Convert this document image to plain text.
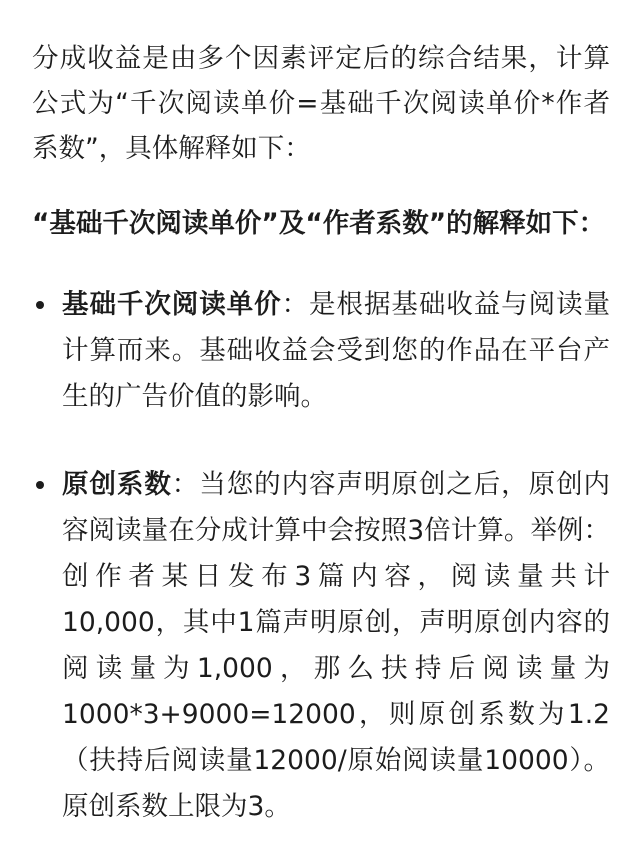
分成收益是由多个因素评定后的综合结果，计算公式为“千次阅读单价=基础千次阅读单价*作者系数”，具体解释如下：

“基础千次阅读单价”及“作者系数”的解释如下：

基础千次阅读单价：是根据基础收益与阅读量计算而来。基础收益会受到您的作品在平台产生的广告价值的影响。
原创系数：当您的内容声明原创之后，原创内容阅读量在分成计算中会按照3倍计算。举例：创作者某日发布3篇内容，阅读量共计10,000，其中1篇声明原创，声明原创内容的阅读量为1,000，那么扶持后阅读量为1000*3+9000=12000，则原创系数为1.2（扶持后阅读量12000/原始阅读量10000）。原创系数上限为3。
